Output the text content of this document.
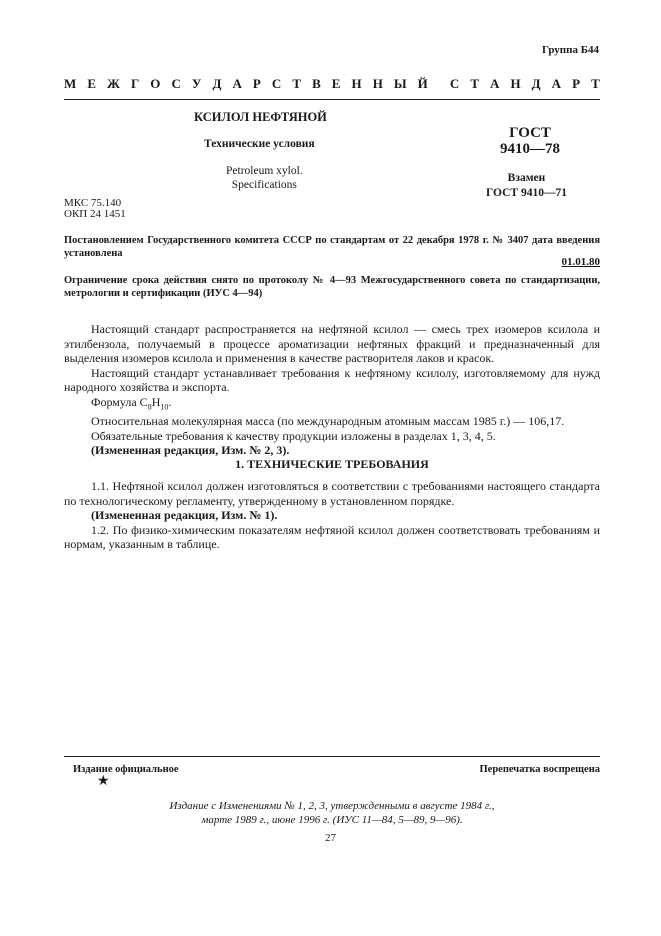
Группа Б44
М Е Ж Г О С У Д А Р С Т В Е Н Н Ы Й С Т А Н Д А Р Т
КСИЛОЛ НЕФТЯНОЙ
Технические условия
Petroleum xylol.
Specifications
ГОСТ
9410—78
Взамен
ГОСТ 9410—71
МКС 75.140
ОКП 24 1451
Постановлением Государственного комитета СССР по стандартам от 22 декабря 1978 г. № 3407 дата введения установлена
01.01.80
Ограничение срока действия снято по протоколу № 4—93 Межгосударственного совета по стандартизации, метрологии и сертификации (ИУС 4—94)

Настоящий стандарт распространяется на нефтяной ксилол — смесь трех изомеров ксилола и этилбензола, получаемый в процессе ароматизации нефтяных фракций и предназначенный для выделения изомеров ксилола и применения в качестве растворителя лаков и красок.

Настоящий стандарт устанавливает требования к нефтяному ксилолу, изготовляемому для нужд народного хозяйства и экспорта.

Формула $C_8H_{10}$.

Относительная молекулярная масса (по международным атомным массам 1985 г.) — 106,17.

Обязательные требования к качеству продукции изложены в разделах 1, 3, 4, 5.

(Измененная редакция, Изм. № 2, 3).

1. ТЕХНИЧЕСКИЕ ТРЕБОВАНИЯ

1.1. Нефтяной ксилол должен изготовляться в соответствии с требованиями настоящего стандарта по технологическому регламенту, утвержденному в установленном порядке.

(Измененная редакция, Изм. № 1).

1.2. По физико-химическим показателям нефтяной ксилол должен соответствовать требованиям и нормам, указанным в таблице.

Издание официальное
★
Перепечатка воспрещена
Издание с Изменениями № 1, 2, 3, утвержденными в августе 1984 г.,
марте 1989 г., июне 1996 г. (ИУС 11—84, 5—89, 9—96).
27
